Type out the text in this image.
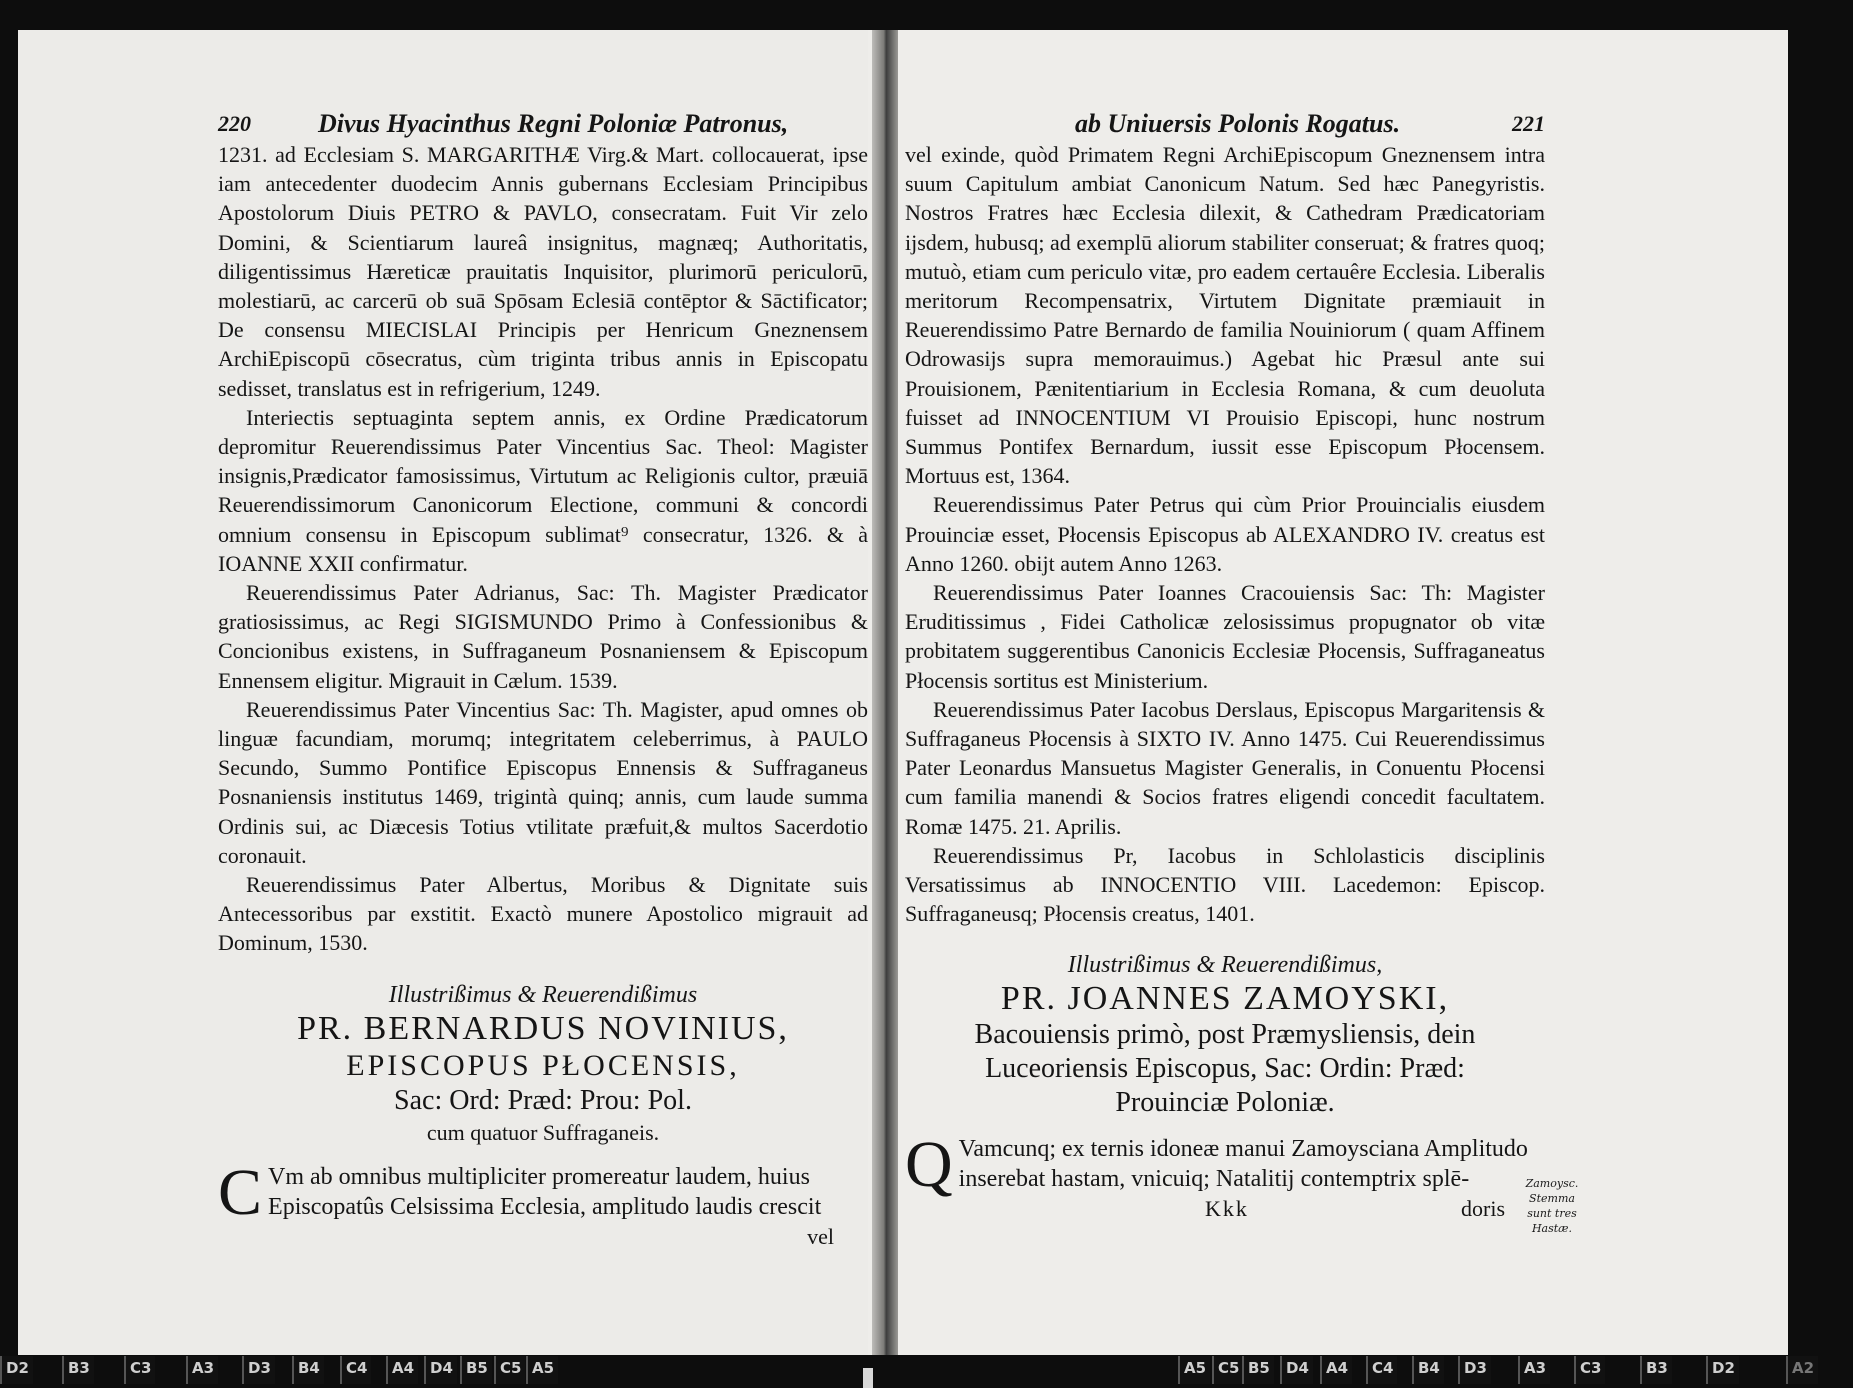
220	Divus Hyacinthus Regni Poloniæ Patronus,

1231. ad Ecclesiam S. MARGARITHÆ Virg.& Mart. collocauerat, ipse iam antecedenter duodecim Annis gubernans Ecclesiam Principibus Apostolorum Diuis PETRO & PAVLO, consecratam. Fuit Vir zelo Domini, & Scientiarum laureâ insignitus, magnæq; Authoritatis, diligentissimus Hæreticæ prauitatis Inquisitor, plurimorū periculorū, molestiarū, ac carcerū ob suā Spōsam Eclesiā contēptor & Sāctificator; De consensu MIECISLAI Principis per Henricum Gneznensem ArchiEpiscopū cōsecratus, cùm triginta tribus annis in Episcopatu sedisset, translatus est in refrigerium, 1249.

Interiectis septuaginta septem annis, ex Ordine Prædicatorum depromitur Reuerendissimus Pater Vincentius Sac. Theol: Magister insignis,Prædicator famosissimus, Virtutum ac Religionis cultor, præuiā Reuerendissimorum Canonicorum Electione, communi & concordi omnium consensu in Episcopum sublimat⁹ consecratur, 1326. & à IOANNE XXII confirmatur.

Reuerendissimus Pater Adrianus, Sac: Th. Magister Prædicator gratiosissimus, ac Regi SIGISMUNDO Primo à Confessionibus & Concionibus existens, in Suffraganeum Posnaniensem & Episcopum Ennensem eligitur. Migrauit in Cælum. 1539.

Reuerendissimus Pater Vincentius Sac: Th. Magister, apud omnes ob linguæ facundiam, morumq; integritatem celeberrimus, à PAULO Secundo, Summo Pontifice Episcopus Ennensis & Suffraganeus Posnaniensis institutus 1469, trigintà quinq; annis, cum laude summa Ordinis sui, ac Diæcesis Totius vtilitate præfuit,& multos Sacerdotio coronauit.

Reuerendissimus Pater Albertus, Moribus & Dignitate suis Antecessoribus par exstitit. Exactò munere Apostolico migrauit ad Dominum, 1530.

Illustrißimus & Reuerendißimus
PR. BERNARDUS NOVINIUS,
EPISCOPUS PŁOCENSIS,
Sac: Ord: Præd: Prou: Pol.
cum quatuor Suffraganeis.
C Vm ab omnibus multipliciter promereatur laudem, huius Episcopatûs Celsissima Ecclesia, amplitudo laudis crescit
vel
ab Uniuersis Polonis Rogatus.	221

vel exinde, quòd Primatem Regni ArchiEpiscopum Gneznensem intra suum Capitulum ambiat Canonicum Natum. Sed hæc Panegyristis. Nostros Fratres hæc Ecclesia dilexit, & Cathedram Prædicatoriam ijsdem, hubusq; ad exemplū aliorum stabiliter conseruat; & fratres quoq; mutuò, etiam cum periculo vitæ, pro eadem certauêre Ecclesia. Liberalis meritorum Recompensatrix, Virtutem Dignitate præmiauit in Reuerendissimo Patre Bernardo de familia Nouiniorum ( quam Affinem Odrowasijs supra memorauimus.) Agebat hic Præsul ante sui Prouisionem, Pænitentiarium in Ecclesia Romana, & cum deuoluta fuisset ad INNOCENTIUM VI Prouisio Episcopi, hunc nostrum Summus Pontifex Bernardum, iussit esse Episcopum Płocensem. Mortuus est, 1364.

Reuerendissimus Pater Petrus qui cùm Prior Prouincialis eiusdem Prouinciæ esset, Płocensis Episcopus ab ALEXANDRO IV. creatus est Anno 1260. obijt autem Anno 1263.

Reuerendissimus Pater Ioannes Cracouiensis Sac: Th: Magister Eruditissimus , Fidei Catholicæ zelosissimus propugnator ob vitæ probitatem suggerentibus Canonicis Ecclesiæ Płocensis, Suffraganeatus Płocensis sortitus est Ministerium.

Reuerendissimus Pater Iacobus Derslaus, Episcopus Margaritensis & Suffraganeus Płocensis à SIXTO IV. Anno 1475. Cui Reuerendissimus Pater Leonardus Mansuetus Magister Generalis, in Conuentu Płocensi cum familia manendi & Socios fratres eligendi concedit facultatem. Romæ 1475. 21. Aprilis.

Reuerendissimus Pr, Iacobus in Schlolasticis disciplinis Versatissimus ab INNOCENTIO VIII. Lacedemon: Episcop. Suffraganeusq; Płocensis creatus, 1401.

Illustrißimus & Reuerendißimus,
PR. JOANNES ZAMOYSKI,
Bacouiensis primò, post Præmysliensis, dein Luceoriensis Episcopus, Sac: Ordin: Præd:
Prouinciæ Poloniæ.
Q Vamcunq; ex ternis idoneæ manui Zamoysciana Amplitudo inserebat hastam, vnicuiq; Natalitij contemptrix splē-
Kkk	doris
Zamoysc. Stemma sunt tres Hastæ.
D2	B3	C3	A3	D3	B4	C4	A4	D4 B5 C5 A5	A5 C5 B5	D4	A4	C4	B4	D3	A3	C3	B3	D2	A2
